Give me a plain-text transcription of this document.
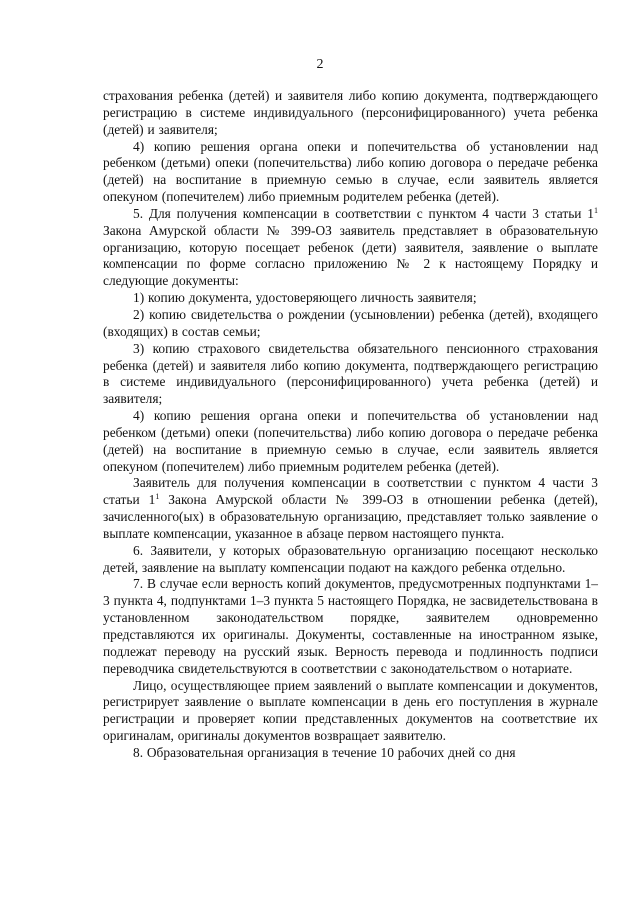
2

страхования ребенка (детей) и заявителя либо копию документа, подтверждающего регистрацию в системе индивидуального (персонифицированного) учета ребенка (детей) и заявителя;

4) копию решения органа опеки и попечительства об установлении над ребенком (детьми) опеки (попечительства) либо копию договора о передаче ребенка (детей) на воспитание в приемную семью в случае, если заявитель является опекуном (попечителем) либо приемным родителем ребенка (детей).

5. Для получения компенсации в соответствии с пунктом 4 части 3 статьи $1^1$ Закона Амурской области № 399-ОЗ заявитель представляет в образовательную организацию, которую посещает ребенок (дети) заявителя, заявление о выплате компенсации по форме согласно приложению № 2 к настоящему Порядку и следующие документы:

1) копию документа, удостоверяющего личность заявителя;

2) копию свидетельства о рождении (усыновлении) ребенка (детей), входящего (входящих) в состав семьи;

3) копию страхового свидетельства обязательного пенсионного страхования ребенка (детей) и заявителя либо копию документа, подтверждающего регистрацию в системе индивидуального (персонифицированного) учета ребенка (детей) и заявителя;

4) копию решения органа опеки и попечительства об установлении над ребенком (детьми) опеки (попечительства) либо копию договора о передаче ребенка (детей) на воспитание в приемную семью в случае, если заявитель является опекуном (попечителем) либо приемным родителем ребенка (детей).

Заявитель для получения компенсации в соответствии с пунктом 4 части 3 статьи $1^1$ Закона Амурской области № 399-ОЗ в отношении ребенка (детей), зачисленного(ых) в образовательную организацию, представляет только заявление о выплате компенсации, указанное в абзаце первом настоящего пункта.

6. Заявители, у которых образовательную организацию посещают несколько детей, заявление на выплату компенсации подают на каждого ребенка отдельно.

7. В случае если верность копий документов, предусмотренных подпунктами 1–3 пункта 4, подпунктами 1–3 пункта 5 настоящего Порядка, не засвидетельствована в установленном законодательством порядке, заявителем одновременно представляются их оригиналы. Документы, составленные на иностранном языке, подлежат переводу на русский язык. Верность перевода и подлинность подписи переводчика свидетельствуются в соответствии с законодательством о нотариате.

Лицо, осуществляющее прием заявлений о выплате компенсации и документов, регистрирует заявление о выплате компенсации в день его поступления в журнале регистрации и проверяет копии представленных документов на соответствие их оригиналам, оригиналы документов возвращает заявителю.

8. Образовательная организация в течение 10 рабочих дней со дня
